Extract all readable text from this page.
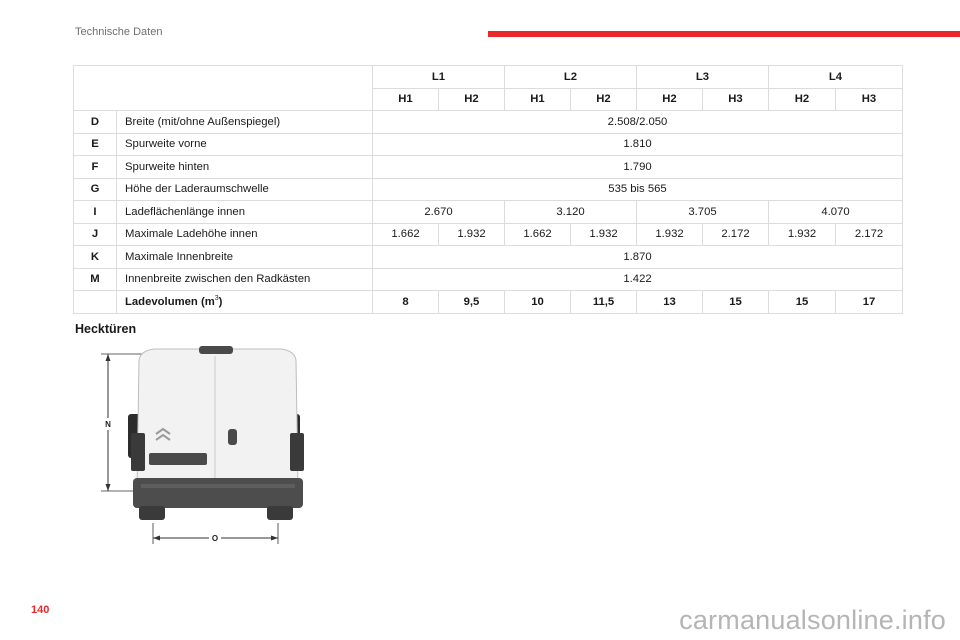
Technische Daten
		L1		L2		L3		L4	
		H1	H2	H1	H2	H2	H3	H2	H3
D	Breite (mit/ohne Außenspiegel)	2.508/2.050							
E	Spurweite vorne	1.810							
F	Spurweite hinten	1.790							
G	Höhe der Laderaumschwelle	535 bis 565							
I	Ladeflächenlänge innen	2.670		3.120		3.705		4.070	
J	Maximale Ladehöhe innen	1.662	1.932	1.662	1.932	1.932	2.172	1.932	2.172
K	Maximale Innenbreite	1.870							
M	Innenbreite zwischen den Radkästen	1.422							
	Ladevolumen $(m^3)$	8	9,5	10	11,5	13	15	15	17
Hecktüren
N
O
140	carmanualsonline.info
